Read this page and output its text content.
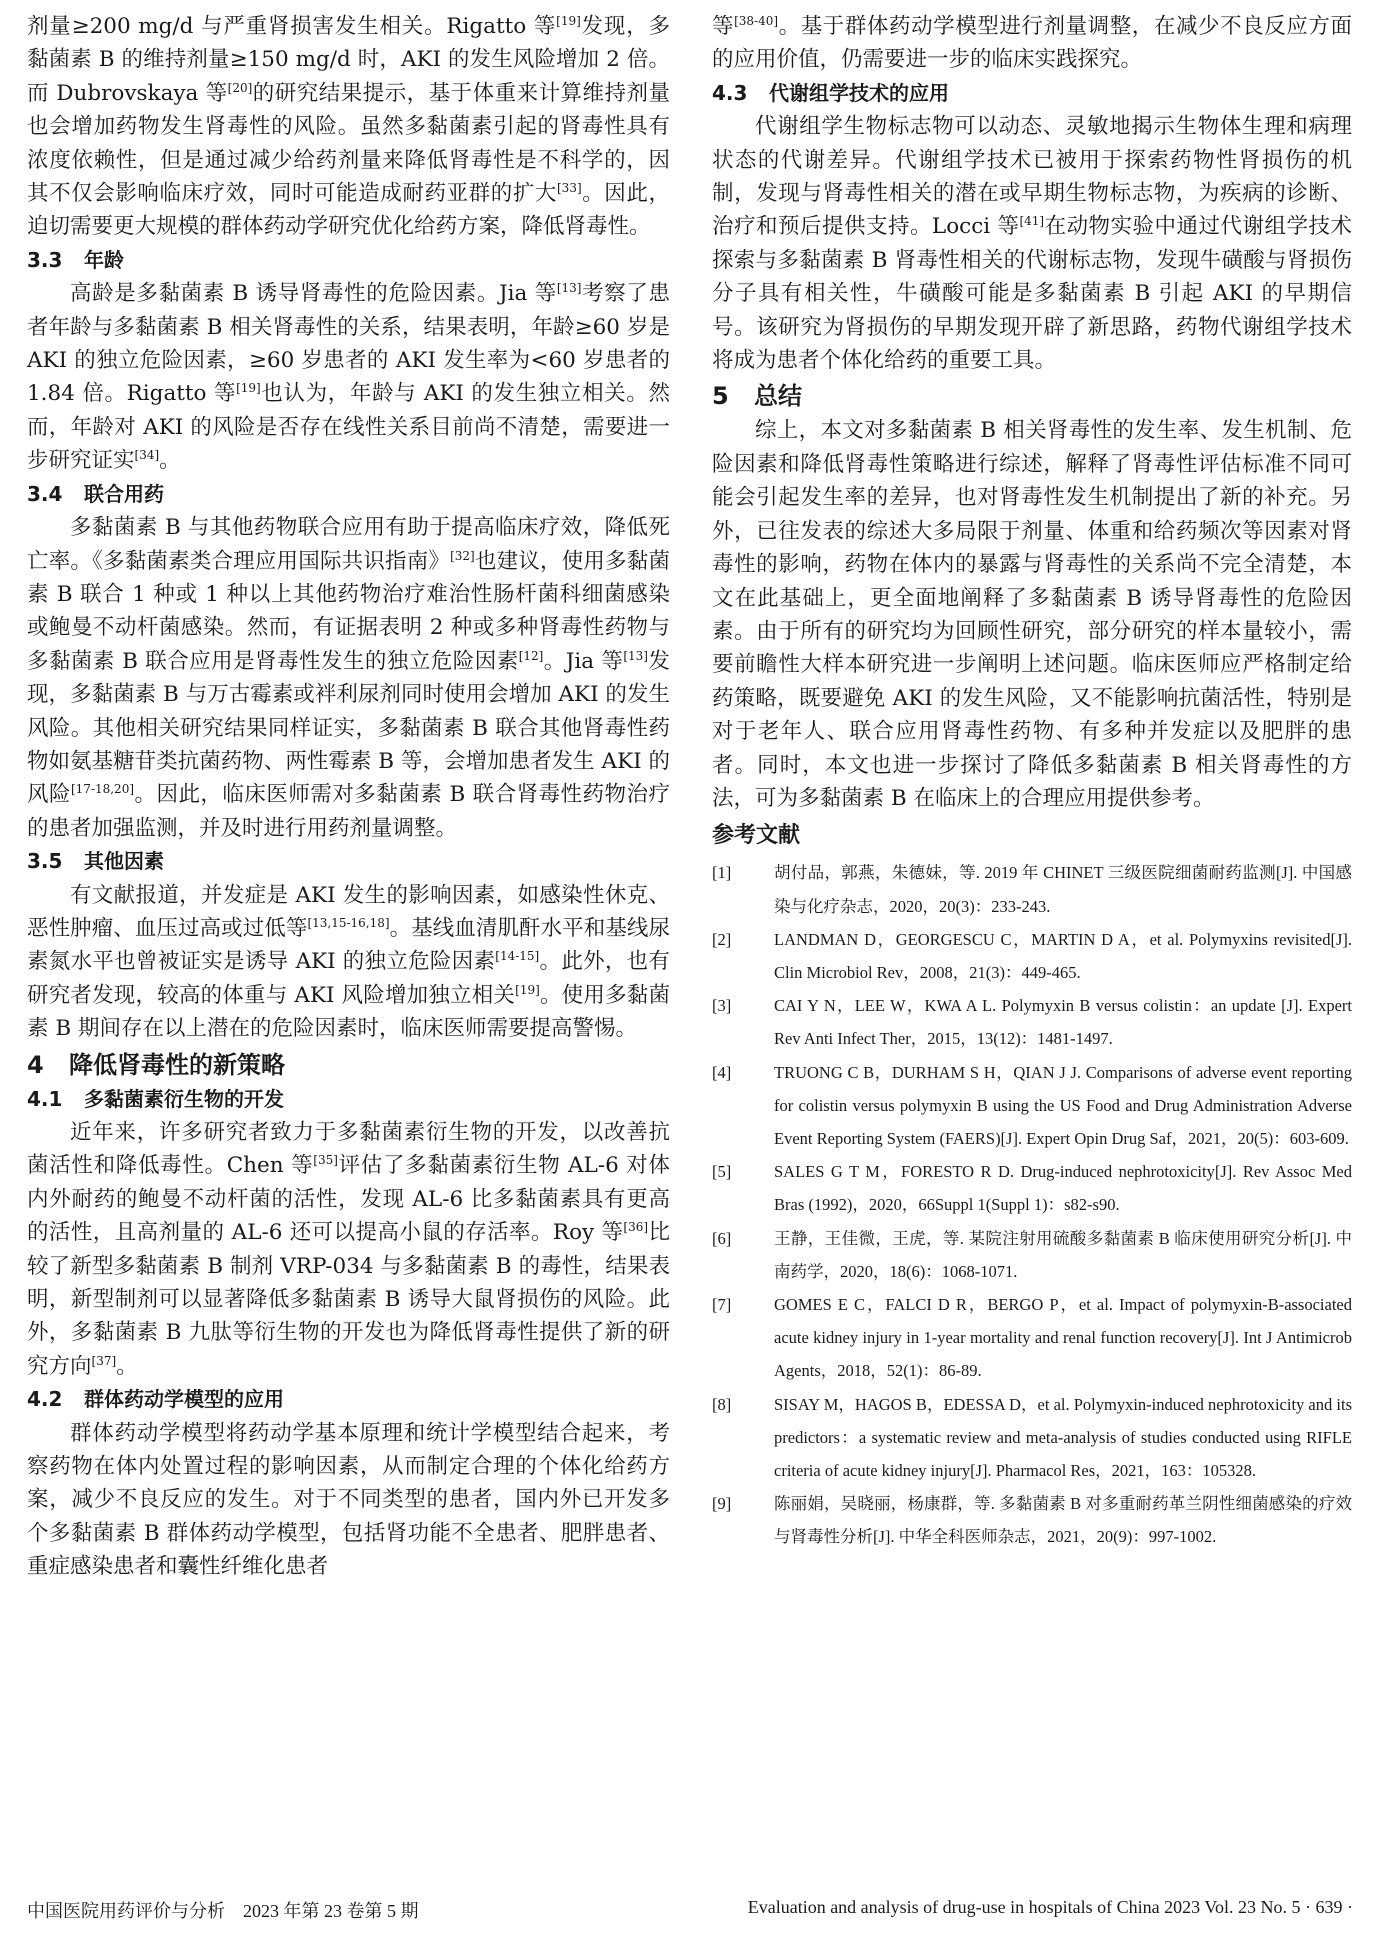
剂量≥200 mg/d 与严重肾损害发生相关。Rigatto 等[19]发现，多黏菌素 B 的维持剂量≥150 mg/d 时，AKI 的发生风险增加 2 倍。而 Dubrovskaya 等[20]的研究结果提示，基于体重来计算维持剂量也会增加药物发生肾毒性的风险。虽然多黏菌素引起的肾毒性具有浓度依赖性，但是通过减少给药剂量来降低肾毒性是不科学的，因其不仅会影响临床疗效，同时可能造成耐药亚群的扩大[33]。因此，迫切需要更大规模的群体药动学研究优化给药方案，降低肾毒性。

3.3 年龄

高龄是多黏菌素 B 诱导肾毒性的危险因素。Jia 等[13]考察了患者年龄与多黏菌素 B 相关肾毒性的关系，结果表明，年龄≥60 岁是 AKI 的独立危险因素，≥60 岁患者的 AKI 发生率为<60 岁患者的 1.84 倍。Rigatto 等[19]也认为，年龄与 AKI 的发生独立相关。然而，年龄对 AKI 的风险是否存在线性关系目前尚不清楚，需要进一步研究证实[34]。

3.4 联合用药

多黏菌素 B 与其他药物联合应用有助于提高临床疗效，降低死亡率。《多黏菌素类合理应用国际共识指南》[32]也建议，使用多黏菌素 B 联合 1 种或 1 种以上其他药物治疗难治性肠杆菌科细菌感染或鲍曼不动杆菌感染。然而，有证据表明 2 种或多种肾毒性药物与多黏菌素 B 联合应用是肾毒性发生的独立危险因素[12]。Jia 等[13]发现，多黏菌素 B 与万古霉素或袢利尿剂同时使用会增加 AKI 的发生风险。其他相关研究结果同样证实，多黏菌素 B 联合其他肾毒性药物如氨基糖苷类抗菌药物、两性霉素 B 等，会增加患者发生 AKI 的风险[17-18,20]。因此，临床医师需对多黏菌素 B 联合肾毒性药物治疗的患者加强监测，并及时进行用药剂量调整。

3.5 其他因素

有文献报道，并发症是 AKI 发生的影响因素，如感染性休克、恶性肿瘤、血压过高或过低等[13,15-16,18]。基线血清肌酐水平和基线尿素氮水平也曾被证实是诱导 AKI 的独立危险因素[14-15]。此外，也有研究者发现，较高的体重与 AKI 风险增加独立相关[19]。使用多黏菌素 B 期间存在以上潜在的危险因素时，临床医师需要提高警惕。

4 降低肾毒性的新策略
4.1 多黏菌素衍生物的开发

近年来，许多研究者致力于多黏菌素衍生物的开发，以改善抗菌活性和降低毒性。Chen 等[35]评估了多黏菌素衍生物 AL-6 对体内外耐药的鲍曼不动杆菌的活性，发现 AL-6 比多黏菌素具有更高的活性，且高剂量的 AL-6 还可以提高小鼠的存活率。Roy 等[36]比较了新型多黏菌素 B 制剂 VRP-034 与多黏菌素 B 的毒性，结果表明，新型制剂可以显著降低多黏菌素 B 诱导大鼠肾损伤的风险。此外，多黏菌素 B 九肽等衍生物的开发也为降低肾毒性提供了新的研究方向[37]。

4.2 群体药动学模型的应用

群体药动学模型将药动学基本原理和统计学模型结合起来，考察药物在体内处置过程的影响因素，从而制定合理的个体化给药方案，减少不良反应的发生。对于不同类型的患者，国内外已开发多个多黏菌素 B 群体药动学模型，包括肾功能不全患者、肥胖患者、重症感染患者和囊性纤维化患者

等[38-40]。基于群体药动学模型进行剂量调整，在减少不良反应方面的应用价值，仍需要进一步的临床实践探究。

4.3 代谢组学技术的应用

代谢组学生物标志物可以动态、灵敏地揭示生物体生理和病理状态的代谢差异。代谢组学技术已被用于探索药物性肾损伤的机制，发现与肾毒性相关的潜在或早期生物标志物，为疾病的诊断、治疗和预后提供支持。Locci 等[41]在动物实验中通过代谢组学技术探索与多黏菌素 B 肾毒性相关的代谢标志物，发现牛磺酸与肾损伤分子具有相关性，牛磺酸可能是多黏菌素 B 引起 AKI 的早期信号。该研究为肾损伤的早期发现开辟了新思路，药物代谢组学技术将成为患者个体化给药的重要工具。

5 总结

综上，本文对多黏菌素 B 相关肾毒性的发生率、发生机制、危险因素和降低肾毒性策略进行综述，解释了肾毒性评估标准不同可能会引起发生率的差异，也对肾毒性发生机制提出了新的补充。另外，已往发表的综述大多局限于剂量、体重和给药频次等因素对肾毒性的影响，药物在体内的暴露与肾毒性的关系尚不完全清楚，本文在此基础上，更全面地阐释了多黏菌素 B 诱导肾毒性的危险因素。由于所有的研究均为回顾性研究，部分研究的样本量较小，需要前瞻性大样本研究进一步阐明上述问题。临床医师应严格制定给药策略，既要避免 AKI 的发生风险，又不能影响抗菌活性，特别是对于老年人、联合应用肾毒性药物、有多种并发症以及肥胖的患者。同时，本文也进一步探讨了降低多黏菌素 B 相关肾毒性的方法，可为多黏菌素 B 在临床上的合理应用提供参考。

参考文献
[1]	胡付品，郭燕，朱德妹，等. 2019 年 CHINET 三级医院细菌耐药监测[J]. 中国感染与化疗杂志，2020，20(3)：233-243.
[2]	LANDMAN D，GEORGESCU C，MARTIN D A，et al. Polymyxins revisited[J]. Clin Microbiol Rev，2008，21(3)：449-465.
[3]	CAI Y N，LEE W，KWA A L. Polymyxin B versus colistin：an update [J]. Expert Rev Anti Infect Ther，2015，13(12)：1481-1497.
[4]	TRUONG C B，DURHAM S H，QIAN J J. Comparisons of adverse event reporting for colistin versus polymyxin B using the US Food and Drug Administration Adverse Event Reporting System (FAERS)[J]. Expert Opin Drug Saf，2021，20(5)：603-609.
[5]	SALES G T M，FORESTO R D. Drug-induced nephrotoxicity[J]. Rev Assoc Med Bras (1992)，2020，66Suppl 1(Suppl 1)：s82-s90.
[6]	王静，王佳微，王虎，等. 某院注射用硫酸多黏菌素 B 临床使用研究分析[J]. 中南药学，2020，18(6)：1068-1071.
[7]	GOMES E C，FALCI D R，BERGO P，et al. Impact of polymyxin-B-associated acute kidney injury in 1-year mortality and renal function recovery[J]. Int J Antimicrob Agents，2018，52(1)：86-89.
[8]	SISAY M，HAGOS B，EDESSA D，et al. Polymyxin-induced nephrotoxicity and its predictors：a systematic review and meta-analysis of studies conducted using RIFLE criteria of acute kidney injury[J]. Pharmacol Res，2021，163：105328.
[9]	陈丽娟，吴晓丽，杨康群，等. 多黏菌素 B 对多重耐药革兰阴性细菌感染的疗效与肾毒性分析[J]. 中华全科医师杂志，2021，20(9)：997-1002.
中国医院用药评价与分析　2023 年第 23 卷第 5 期	Evaluation and analysis of drug-use in hospitals of China 2023 Vol. 23 No. 5 · 639 ·
